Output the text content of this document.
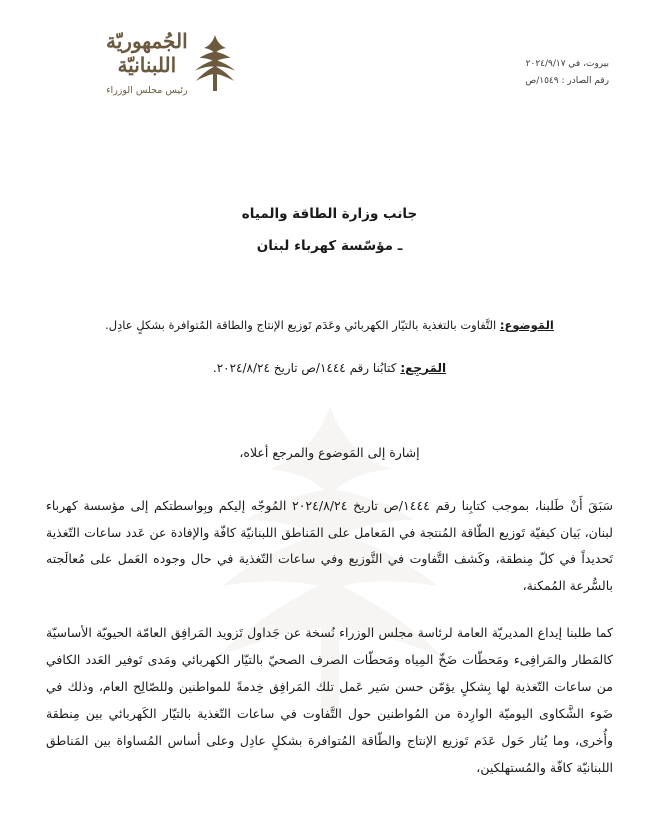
الجُمهوريّة
اللبنانيّة
رئيس مجلس الوزراء
بيروت، في ٢٠٢٤/٩/١٧
رقم الصادر : ١٥٤٩/ص
جانب وزارة الطاقة والمياه
ـ مؤسّسة كهرباء لبنان
المَوضوع: التَّفاوت بالتغذية بالتيّار الكهربائي وعَدَم تَوزيع الإنتاج والطاقة المُتوافرة بشكلٍ عادِل.
المَرجِع: كتابُنا رقم ١٤٤٤/ص تاريخ ٢٠٢٤/٨/٢٤.

إشارة إلى المَوضوع والمرجع أعلاه،

سَبَقَ أَنْ طَلبنا، بموجب كتابِنا رقم ١٤٤٤/ص تاريخ ٢٠٢٤/٨/٢٤ المُوجّه إليكم وبِواسطتكم إلى مؤسسة كهرباء لبنان، بَيان كيفيّة تَوزيع الطّاقة المُنتجة في المَعامل على المَناطق اللبنانيّة كافّة والإفادة عن عَدد ساعات التّغذية تَحديداً في كلّ مِنطقة، وكَشف التَّفاوت في التَّوزيع وفي ساعات التّغذية في حال وجوده العَمل على مُعالَجته بالسُّرعة المُمكنة،

كما طلبنا إيداع المديريّة العامة لرئاسة مجلس الوزراء نُسخة عن جَداول تَزويد المَرافِق العامّة الحيويّة الأساسيّة كالمَطار والمَرافِىء ومَحطّات ضَخّ المِياه ومَحطّات الصرف الصحيّ بالتيّار الكهربائي ومَدى تَوفير العَدد الكافي من ساعات التّغذية لها بِشكلٍ يؤمّن حسن سَير عَمل تلك المَرافِق خِدمةً للمواطنين وللصّالِح العام، وذلك في ضَوء الشَّكاوى اليوميّة الوارِدة من المُواطنين حول التَّفاوت في ساعات التّغذية بالتيّار الكَهربائي بين مِنطقة وأُخرى، وما يُثار حَول عَدَم تَوزيع الإنتاج والطّاقة المُتوافرة بشكلٍ عادِل وعلى أساس المُساواة بين المَناطق اللبنانيّة كافّة والمُستهلكين،
